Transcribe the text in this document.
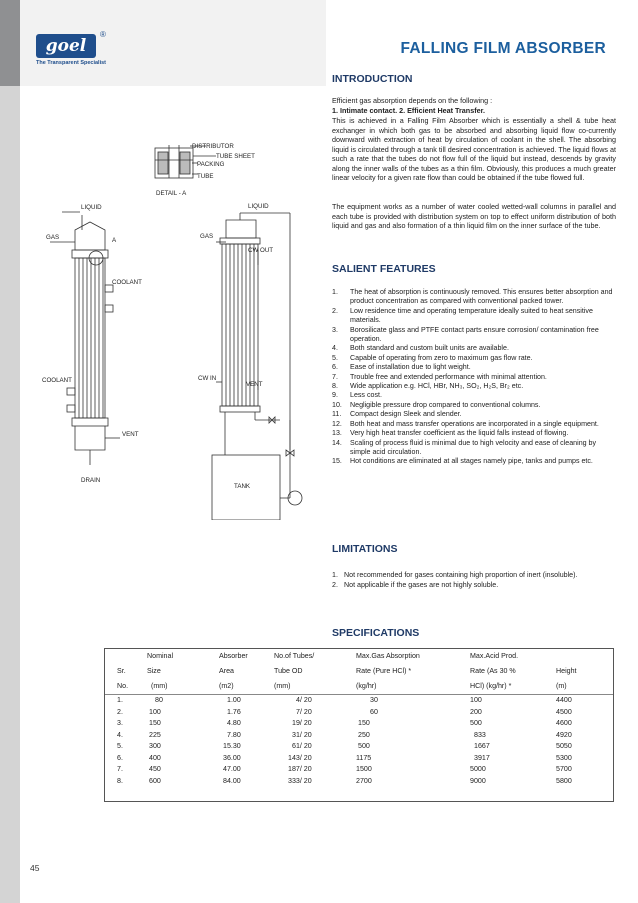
goel
®
The Transparent Specialist
FALLING FILM ABSORBER
DISTRIBUTOR
TUBE SHEET
PACKING
TUBE
DETAIL - A
LIQUID
GAS	A
COOLANT
COOLANT
VENT
DRAIN
LIQUID
GAS
CW OUT
CW IN
VENT
TANK
INTRODUCTION
Efficient gas absorption depends on the following :
1. Intimate contact. 2. Efficient Heat Transfer.
This is achieved in a Falling Film Absorber which is essentially a shell & tube heat exchanger in which both gas to be absorbed and absorbing liquid flow co-currently downward with extraction of heat by circulation of coolant in the shell. The absorbing liquid is circulated through a tank till desired concentration is achieved. The liquid flows at such a rate that the tubes do not flow full of the liquid but instead, descends by gravity along the inner walls of the tubes as a thin film. Obviously, this produces a much greater linear velocity for a given rate flow than could be obtained if the tube flowed full.
The equipment works as a number of water cooled wetted-wall columns in parallel and each tube is provided with distribution system on top to effect uniform distribution of both liquid and gas and also formation of a thin liquid film on the inner surface of the tube.
SALIENT FEATURES
1. The heat of absorption is continuously removed. This ensures better absorption and product concentration as compared with conventional packed tower.
2. Low residence time and operating temperature ideally suited to heat sensitive materials.
3. Borosilicate glass and PTFE contact parts ensure corrosion/ contamination free operation.
4. Both standard and custom built units are available.
5. Capable of operating from zero to maximum gas flow rate.
6. Ease of installation due to light weight.
7. Trouble free and extended performance with minimal attention.
8. Wide application e.g. HCl, HBr, NH₃, SO₂, H₂S, Br₂ etc.
9. Less cost.
10. Negligible pressure drop compared to conventional columns.
11. Compact design Sleek and slender.
12. Both heat and mass transfer operations are incorporated in a single equipment.
13. Very high heat transfer coefficient as the liquid falls instead of flowing.
14. Scaling of process fluid is minimal due to high velocity and ease of cleaning by simple acid circulation.
15. Hot conditions are eliminated at all stages namely pipe, tanks and pumps etc.
LIMITATIONS
1. Not recommended for gases containing high proportion of inert (insoluble).
2. Not applicable if the gases are not highly soluble.
SPECIFICATIONS
	Nominal	Absorber	No.of Tubes/	Max.Gas Absorption	Max.Acid Prod.	
Sr.	Size	Area	Tube OD	Rate (Pure HCl) *	Rate (As 30 %	Height
No.	(mm)	(m2)	(mm)	(kg/hr)	HCl) (kg/hr) *	(m)

1.	80	1.00	4/ 20	30	100	4400
2.	100	1.76	7/ 20	60	200	4500
3.	150	4.80	19/ 20	150	500	4600
4.	225	7.80	31/ 20	250	833	4920
5.	300	15.30	61/ 20	500	1667	5050
6.	400	36.00	143/ 20	1175	3917	5300
7.	450	47.00	187/ 20	1500	5000	5700
8.	600	84.00	333/ 20	2700	9000	5800
45
